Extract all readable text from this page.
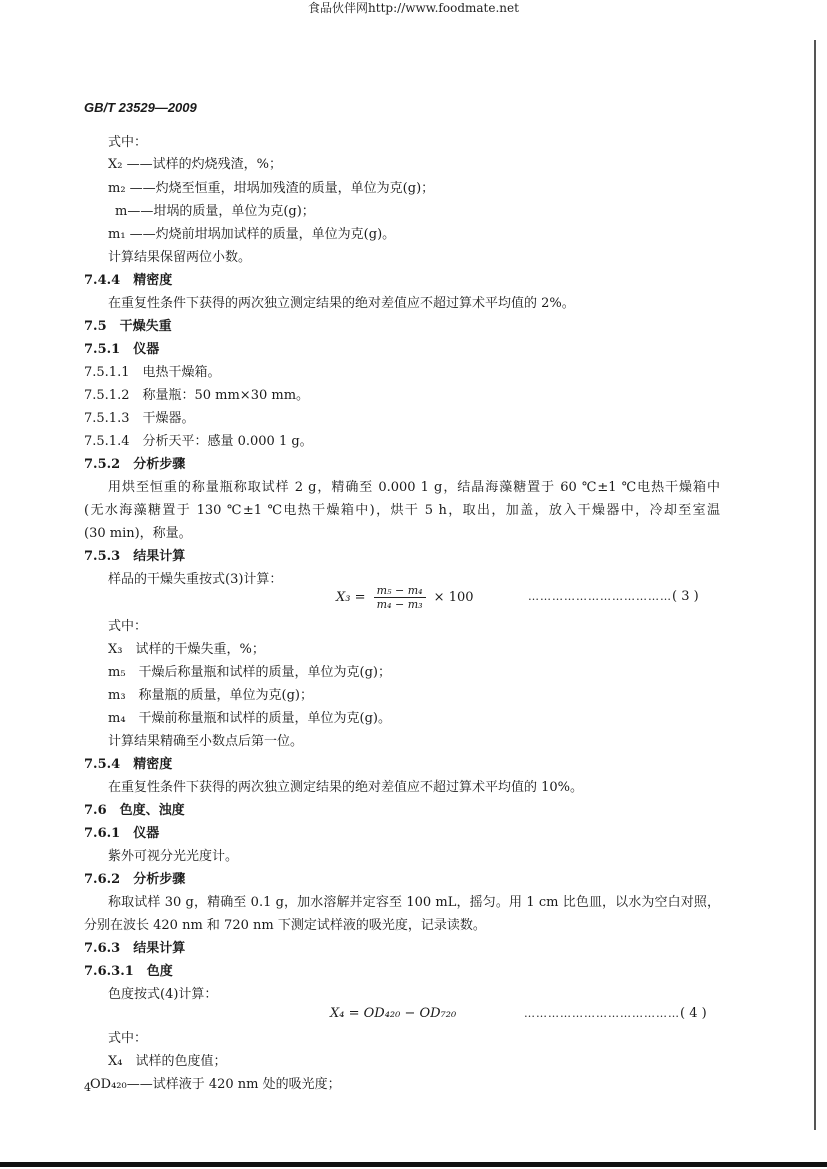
食品伙伴网http://www.foodmate.net
GB/T 23529—2009
式中：
X₂ ——试样的灼烧残渣，%；
m₂ ——灼烧至恒重，坩埚加残渣的质量，单位为克(g)；
m——坩埚的质量，单位为克(g)；
m₁ ——灼烧前坩埚加试样的质量，单位为克(g)。
计算结果保留两位小数。
7.4.4　精密度
在重复性条件下获得的两次独立测定结果的绝对差值应不超过算术平均值的 2%。
7.5　干燥失重
7.5.1　仪器
7.5.1.1　电热干燥箱。
7.5.1.2　称量瓶：50 mm×30 mm。
7.5.1.3　干燥器。
7.5.1.4　分析天平：感量 0.000 1 g。
7.5.2　分析步骤
用烘至恒重的称量瓶称取试样 2 g，精确至 0.000 1 g，结晶海藻糖置于 60 ℃±1 ℃电热干燥箱中
(无水海藻糖置于 130 ℃±1 ℃电热干燥箱中)，烘干 5 h，取出，加盖，放入干燥器中，冷却至室温
(30 min)，称量。
7.5.3　结果计算
样品的干燥失重按式(3)计算：
$X_3 = \frac{\text{m₅ − m₄}}{\text{m₄ − m₃}} \times 100$	………………………………( 3 )
式中：
X₃　试样的干燥失重，%；
m₅　干燥后称量瓶和试样的质量，单位为克(g)；
m₃　称量瓶的质量，单位为克(g)；
m₄　干燥前称量瓶和试样的质量，单位为克(g)。
计算结果精确至小数点后第一位。
7.5.4　精密度
在重复性条件下获得的两次独立测定结果的绝对差值应不超过算术平均值的 10%。
7.6　色度、浊度
7.6.1　仪器
紫外可视分光光度计。
7.6.2　分析步骤
称取试样 30 g，精确至 0.1 g，加水溶解并定容至 100 mL，摇匀。用 1 cm 比色皿，以水为空白对照，
分别在波长 420 nm 和 720 nm 下测定试样液的吸光度，记录读数。
7.6.3　结果计算
7.6.3.1　色度
色度按式(4)计算：
X₄ = OD₄₂₀ − OD₇₂₀	…………………………………( 4 )
式中：
X₄　试样的色度值；
OD₄₂₀——试样液于 420 nm 处的吸光度；
4
